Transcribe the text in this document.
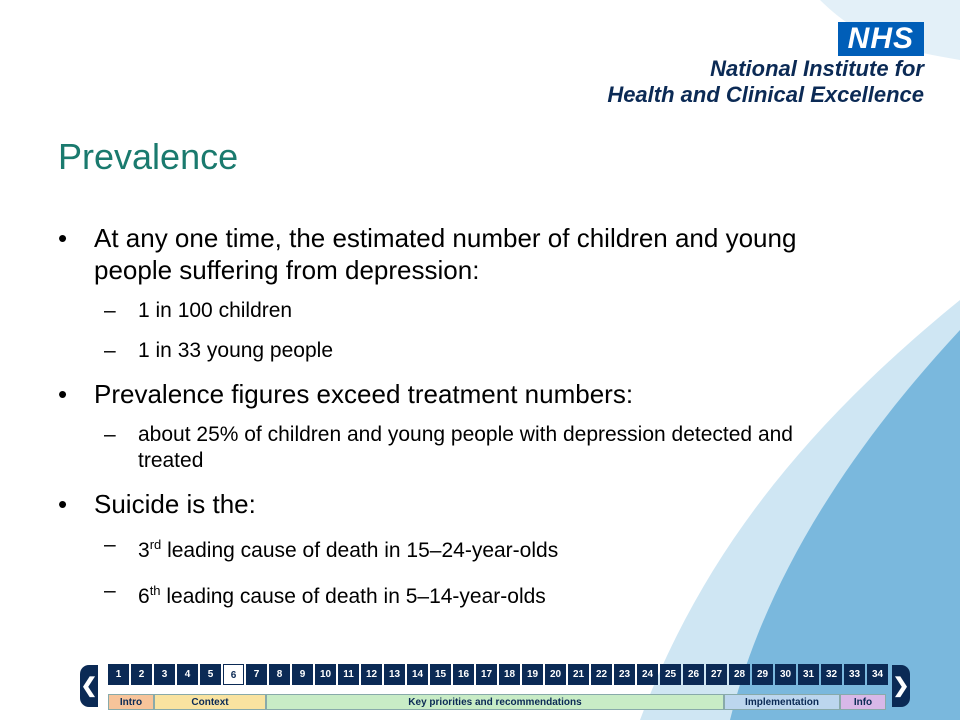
NHS
National Institute for
Health and Clinical Excellence
Prevalence
•	At any one time, the estimated number of children and young people suffering from depression:
–	1 in 100 children
–	1 in 33 young people
•	Prevalence figures exceed treatment numbers:
–	about 25% of children and young people with depression detected and treated
•	Suicide is the:
–	3rd leading cause of death in 15–24-year-olds
–	6th leading cause of death in 5–14-year-olds
❮
1	2	3	4	5	6	7	8	9	10	11	12	13	14	15	16	17	18	19	20	21	22	23	24	25	26	27	28	29	30	31	32	33	34
Intro	Context	Key priorities and recommendations	Implementation	Info
❯
